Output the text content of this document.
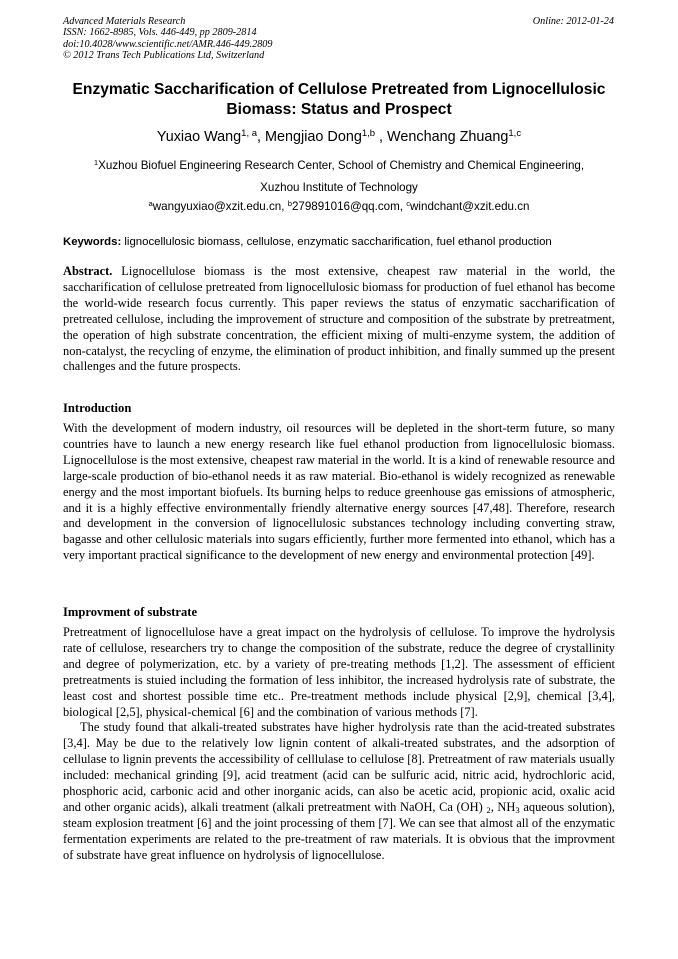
Advanced Materials Research
ISSN: 1662-8985, Vols. 446-449, pp 2809-2814
doi:10.4028/www.scientific.net/AMR.446-449.2809
© 2012 Trans Tech Publications Ltd, Switzerland
Online: 2012-01-24
Enzymatic Saccharification of Cellulose Pretreated from Lignocellulosic
Biomass: Status and Prospect
Yuxiao Wang$^{1, a}$, Mengjiao Dong$^{1,b}$ , Wenchang Zhuang$^{1,c}$
$^1$Xuzhou Biofuel Engineering Research Center, School of Chemistry and Chemical Engineering,
Xuzhou Institute of Technology
$^a$wangyuxiao@xzit.edu.cn, $^b$279891016@qq.com, $^c$windchant@xzit.edu.cn
Keywords: lignocellulosic biomass, cellulose, enzymatic saccharification, fuel ethanol production
Abstract. Lignocellulose biomass is the most extensive, cheapest raw material in the world, the saccharification of cellulose pretreated from lignocellulosic biomass for production of fuel ethanol has become the world-wide research focus currently. This paper reviews the status of enzymatic saccharification of pretreated cellulose, including the improvement of structure and composition of the substrate by pretreatment, the operation of high substrate concentration, the efficient mixing of multi-enzyme system, the addition of non-catalyst, the recycling of enzyme, the elimination of product inhibition, and finally summed up the present challenges and the future prospects.
Introduction
With the development of modern industry, oil resources will be depleted in the short-term future, so many countries have to launch a new energy research like fuel ethanol production from lignocellulosic biomass. Lignocellulose is the most extensive, cheapest raw material in the world. It is a kind of renewable resource and large-scale production of bio-ethanol needs it as raw material. Bio-ethanol is widely recognized as renewable energy and the most important biofuels. Its burning helps to reduce greenhouse gas emissions of atmospheric, and it is a highly effective environmentally friendly alternative energy sources [47,48]. Therefore, research and development in the conversion of lignocellulosic substances technology including converting straw, bagasse and other cellulosic materials into sugars efficiently, further more fermented into ethanol, which has a very important practical significance to the development of new energy and environmental protection [49].
Improvment of substrate
Pretreatment of lignocellulose have a great impact on the hydrolysis of cellulose. To improve the hydrolysis rate of cellulose, researchers try to change the composition of the substrate, reduce the degree of crystallinity and degree of polymerization, etc. by a variety of pre-treating methods [1,2]. The assessment of efficient pretreatments is stuied including the formation of less inhibitor, the increased hydrolysis rate of substrate, the least cost and shortest possible time etc.. Pre-treatment methods include physical [2,9], chemical [3,4], biological [2,5], physical-chemical [6] and the combination of various methods [7].
The study found that alkali-treated substrates have higher hydrolysis rate than the acid-treated substrates [3,4]. May be due to the relatively low lignin content of alkali-treated substrates, and the adsorption of cellulase to lignin prevents the accessibility of celllulase to cellulose [8]. Pretreatment of raw materials usually included: mechanical grinding [9], acid treatment (acid can be sulfuric acid, nitric acid, hydrochloric acid, phosphoric acid, carbonic acid and other inorganic acids, can also be acetic acid, propionic acid, oxalic acid and other organic acids), alkali treatment (alkali pretreatment with NaOH, Ca (OH) $_2$, $NH_3$ aqueous solution), steam explosion treatment [6] and the joint processing of them [7]. We can see that almost all of the enzymatic fermentation experiments are related to the pre-treatment of raw materials. It is obvious that the improvment of substrate have great influence on hydrolysis of lignocellulose.
